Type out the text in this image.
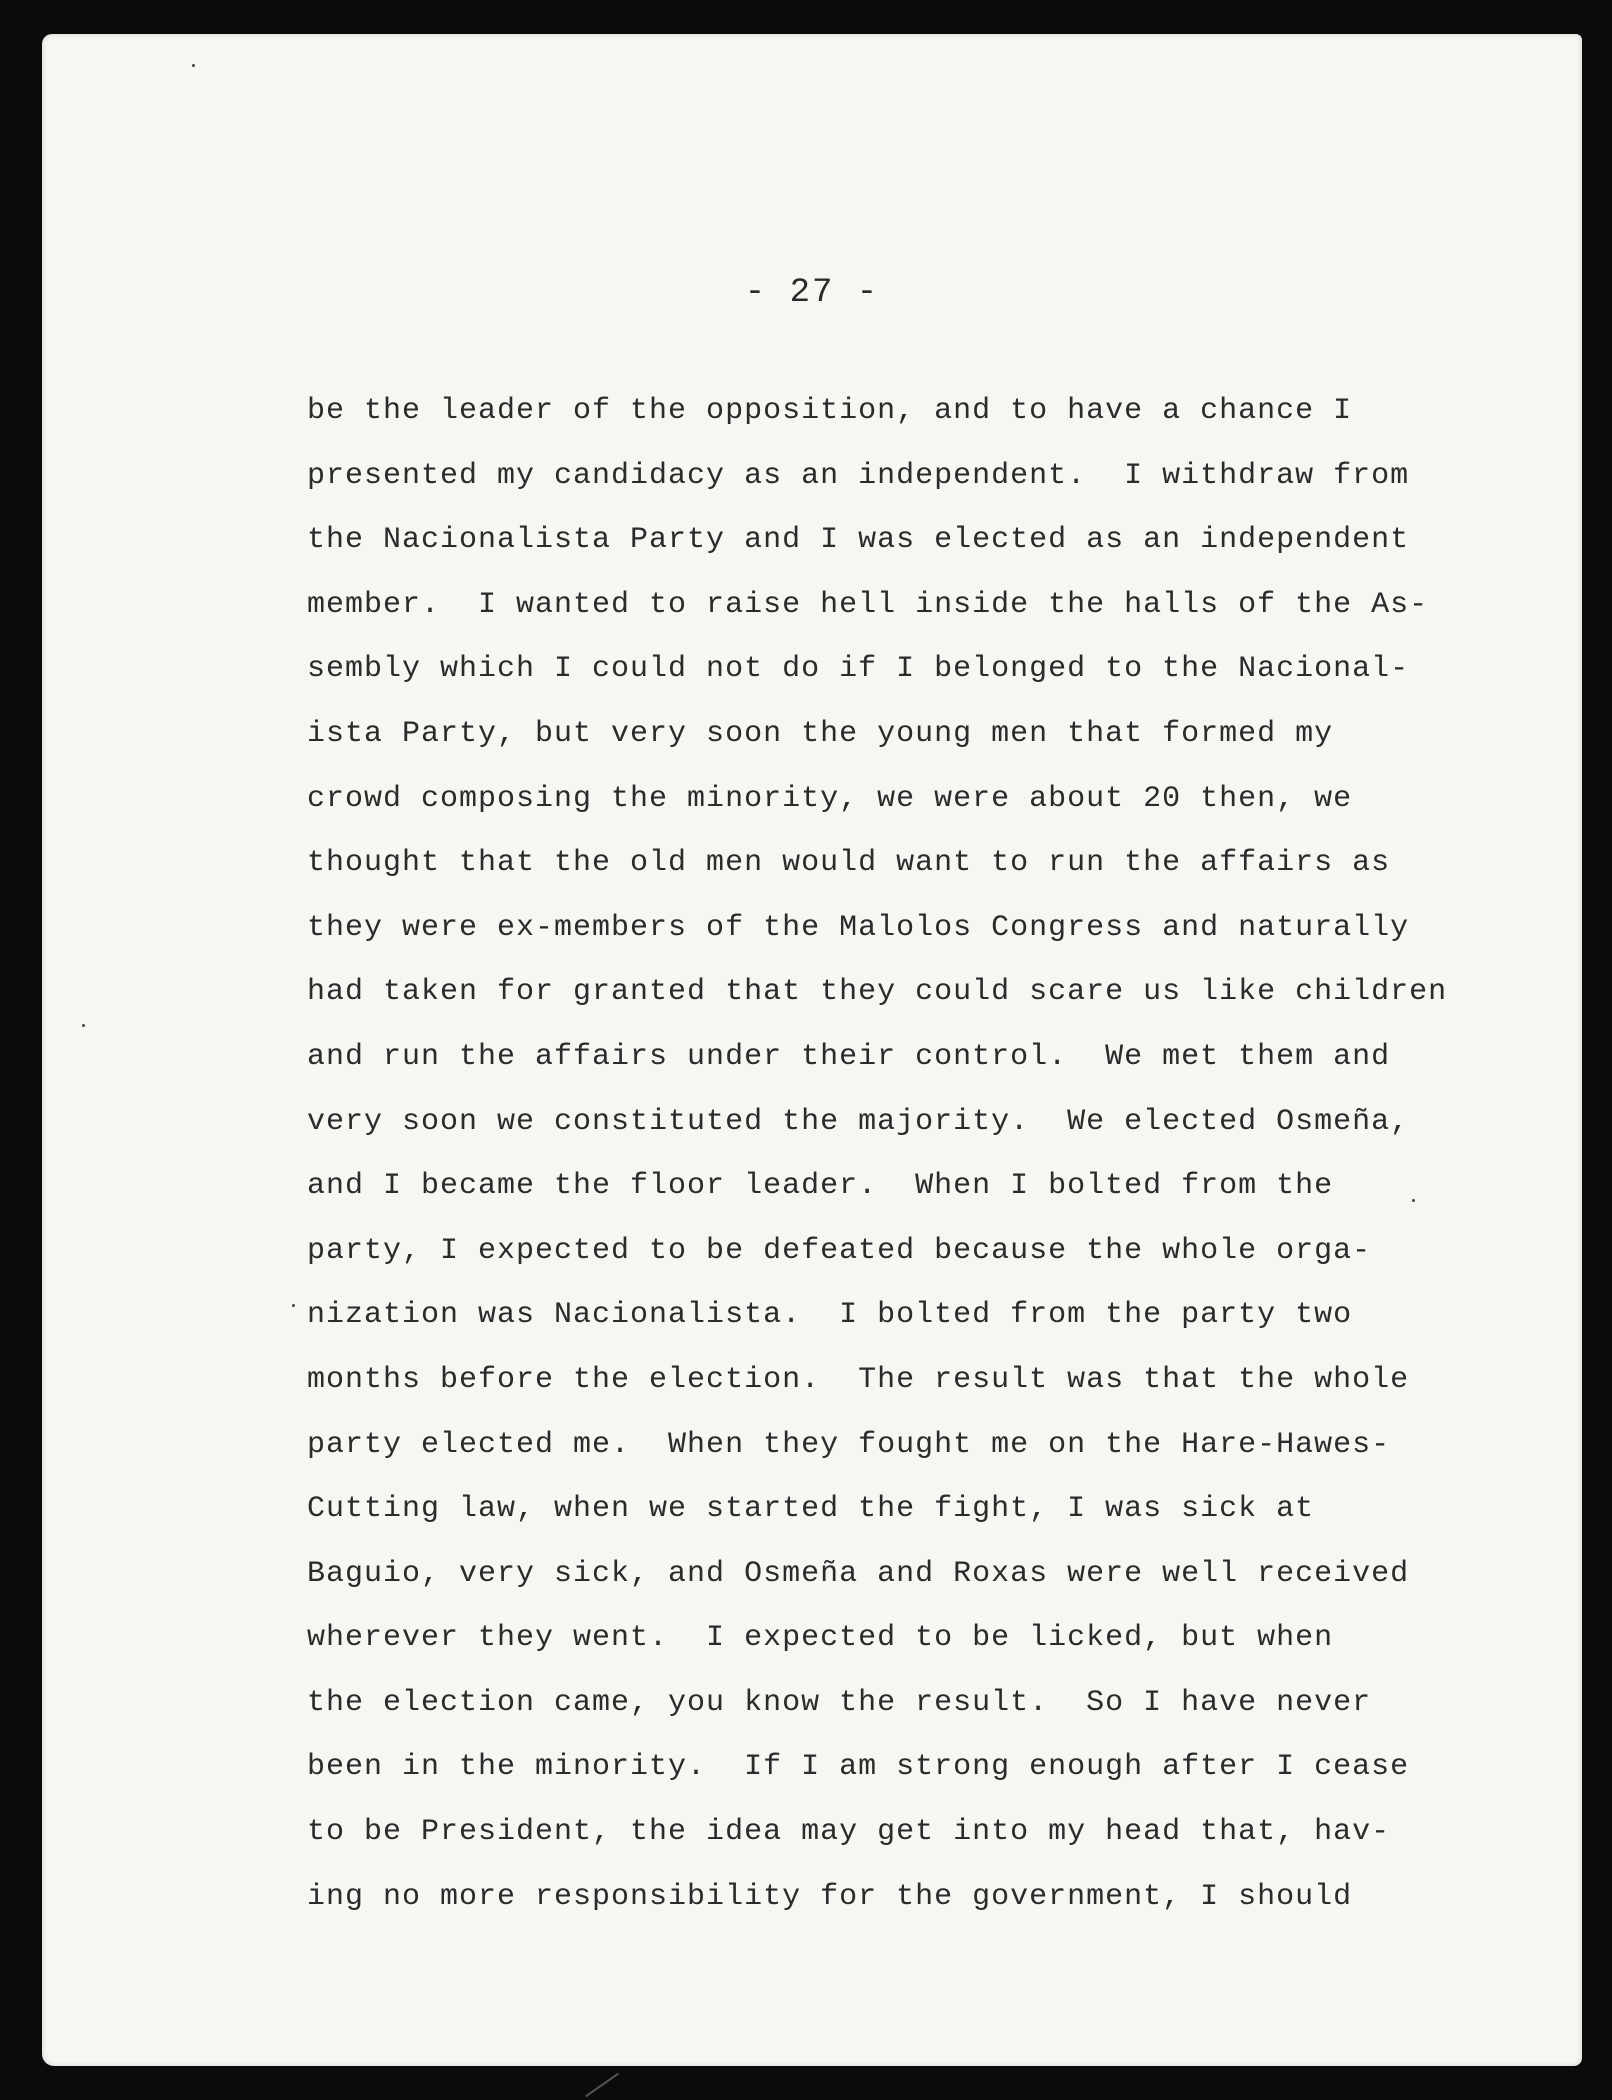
- 27 -
be the leader of the opposition, and to have a chance I
presented my candidacy as an independent.  I withdraw from
the Nacionalista Party and I was elected as an independent
member.  I wanted to raise hell inside the halls of the As-
sembly which I could not do if I belonged to the Nacional-
ista Party, but very soon the young men that formed my
crowd composing the minority, we were about 20 then, we
thought that the old men would want to run the affairs as
they were ex-members of the Malolos Congress and naturally
had taken for granted that they could scare us like children
and run the affairs under their control.  We met them and
very soon we constituted the majority.  We elected Osmeña,
and I became the floor leader.  When I bolted from the
party, I expected to be defeated because the whole orga-
nization was Nacionalista.  I bolted from the party two
months before the election.  The result was that the whole
party elected me.  When they fought me on the Hare-Hawes-
Cutting law, when we started the fight, I was sick at
Baguio, very sick, and Osmeña and Roxas were well received
wherever they went.  I expected to be licked, but when
the election came, you know the result.  So I have never
been in the minority.  If I am strong enough after I cease
to be President, the idea may get into my head that, hav-
ing no more responsibility for the government, I should
